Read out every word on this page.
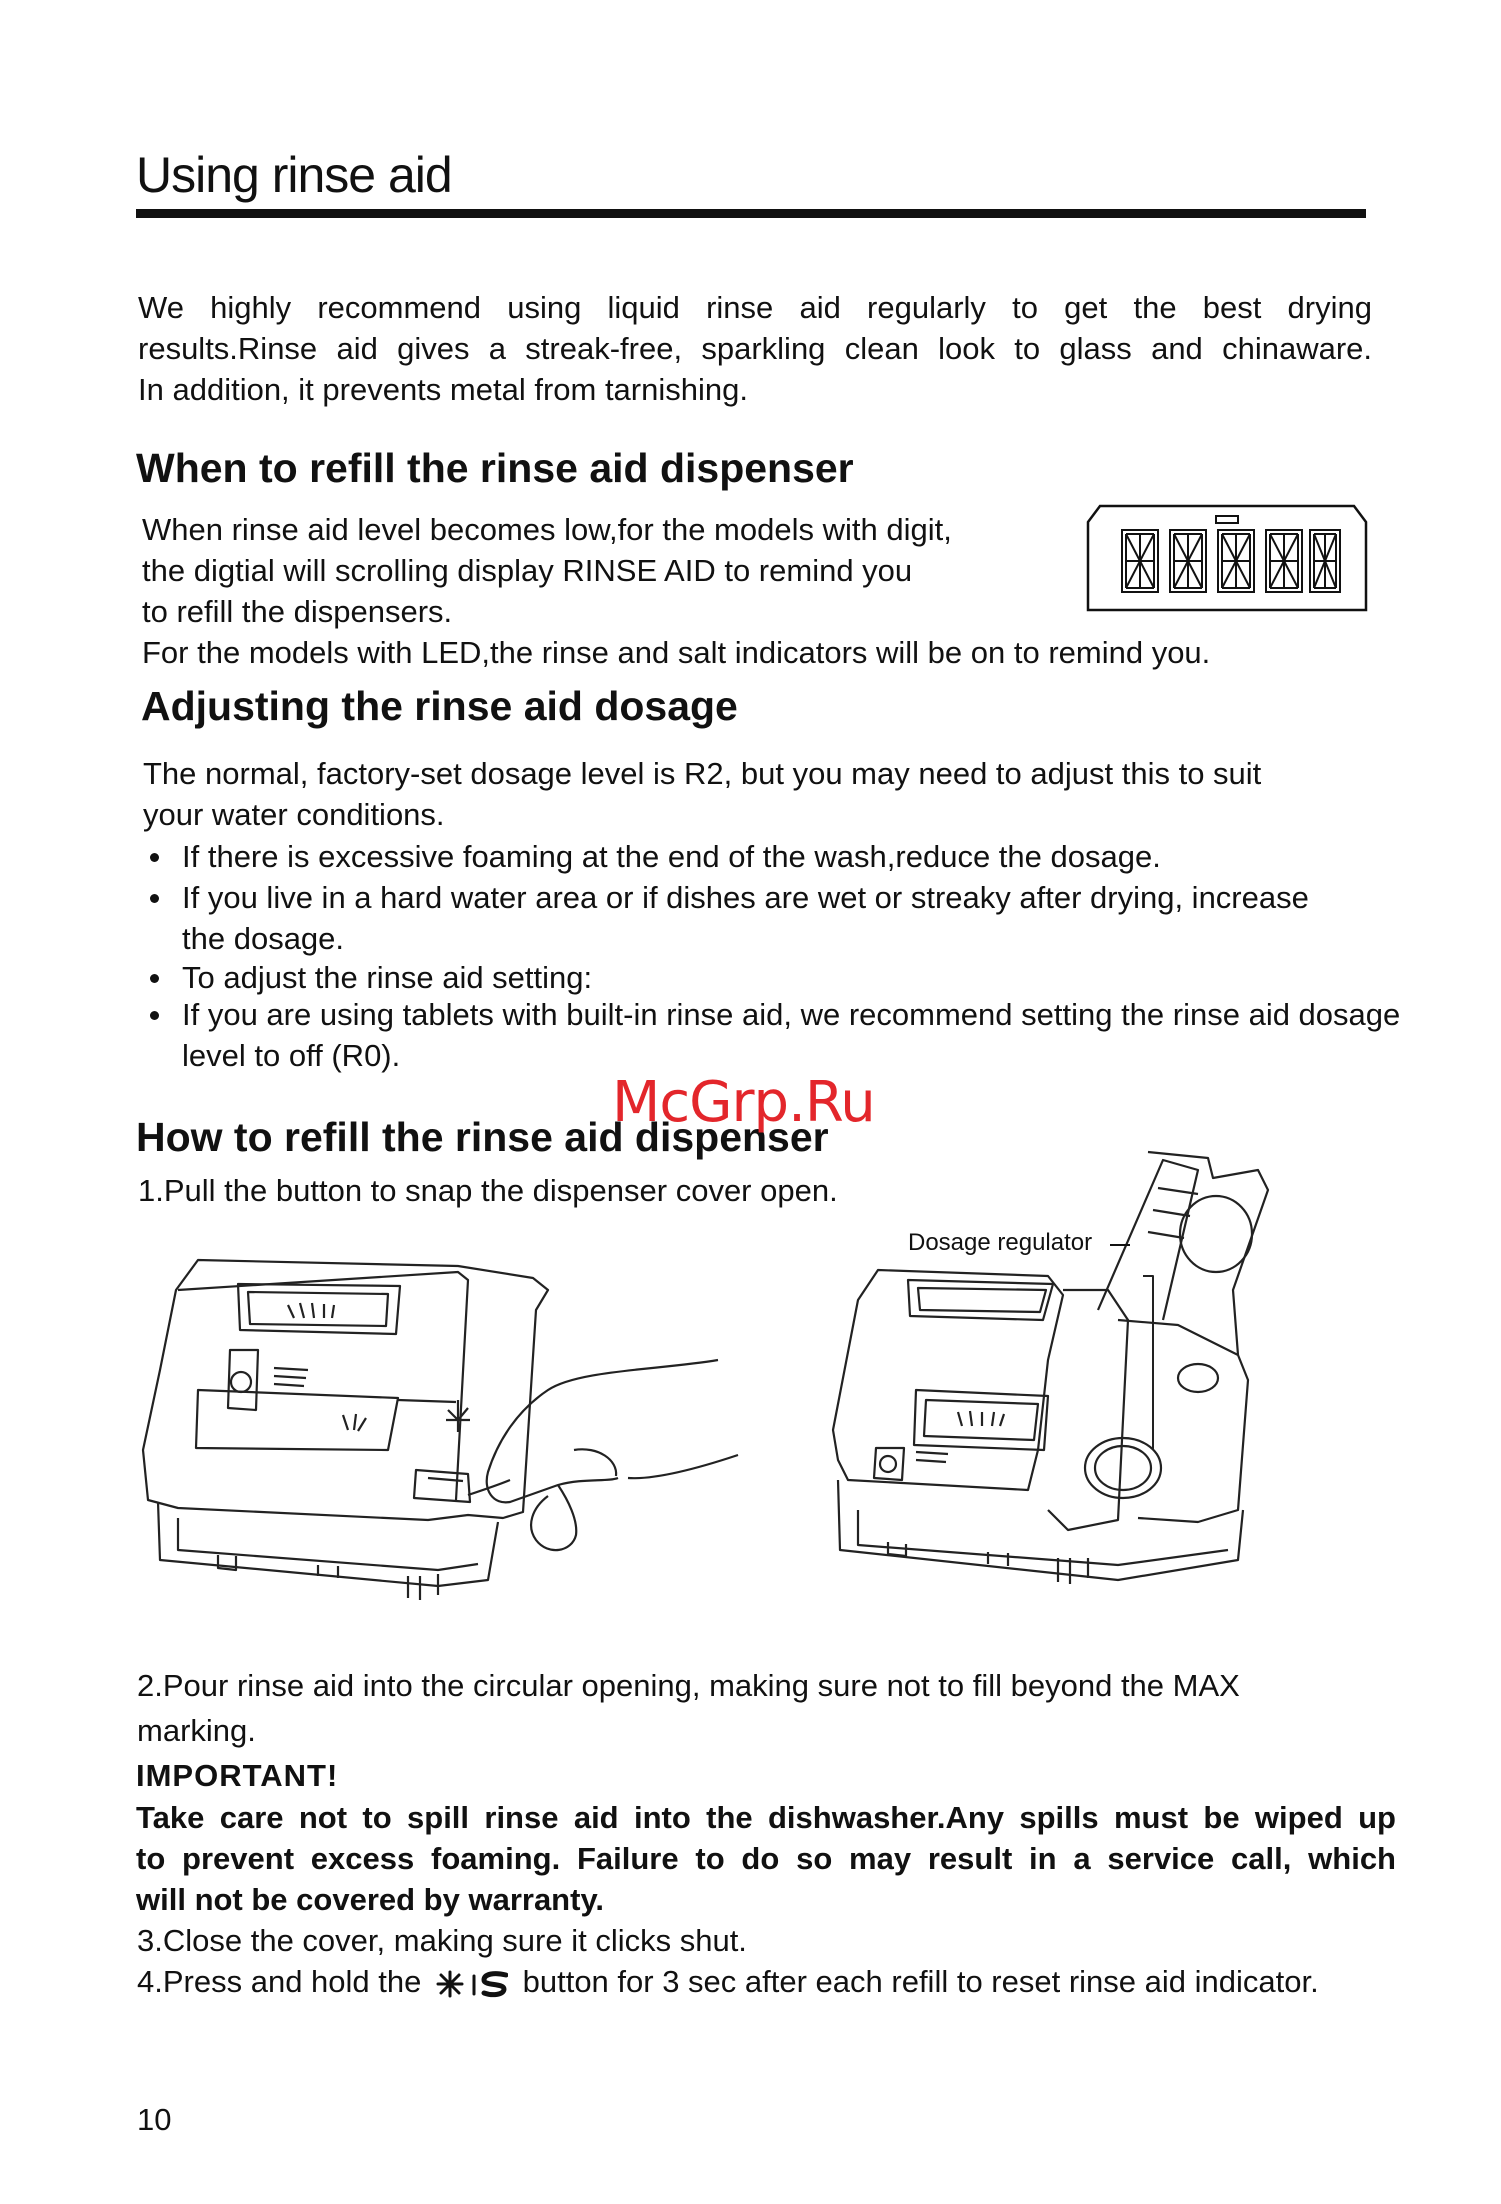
Using rinse aid
We highly recommend using liquid rinse aid regularly to get the best drying
results.Rinse aid gives a streak-free, sparkling clean look to glass and chinaware.
In addition, it prevents metal from tarnishing.
When to refill the rinse aid dispenser
When rinse aid level becomes low,for the models with digit,
the digtial will scrolling display RINSE AID to remind you
to refill the dispensers.
For the models with LED,the rinse and salt indicators will be on to remind you.
Adjusting the rinse aid dosage
The normal, factory-set dosage level is R2, but you may need to adjust this to suit
your water conditions.
If there is excessive foaming at the end of the wash,reduce the dosage.
If you live in a hard water area or if dishes are wet or streaky after drying, increase the dosage.
To adjust the rinse aid setting:
If you are using tablets with built-in rinse aid, we recommend setting the rinse aid dosage level to off (R0).
How to refill the rinse aid dispenser
McGrp.Ru
1.Pull the button to snap the dispenser cover open.
Dosage regulator
2.Pour rinse aid into the circular opening, making sure not to fill beyond the MAX
marking.
IMPORTANT!
Take care not to spill rinse aid into the dishwasher.Any spills must be wiped up
to prevent excess foaming. Failure to do so may result in a service call, which
will not be covered by warranty.
3.Close the cover, making sure it clicks shut.
4.Press and hold the	button for 3 sec after each refill to reset rinse aid indicator.
10
